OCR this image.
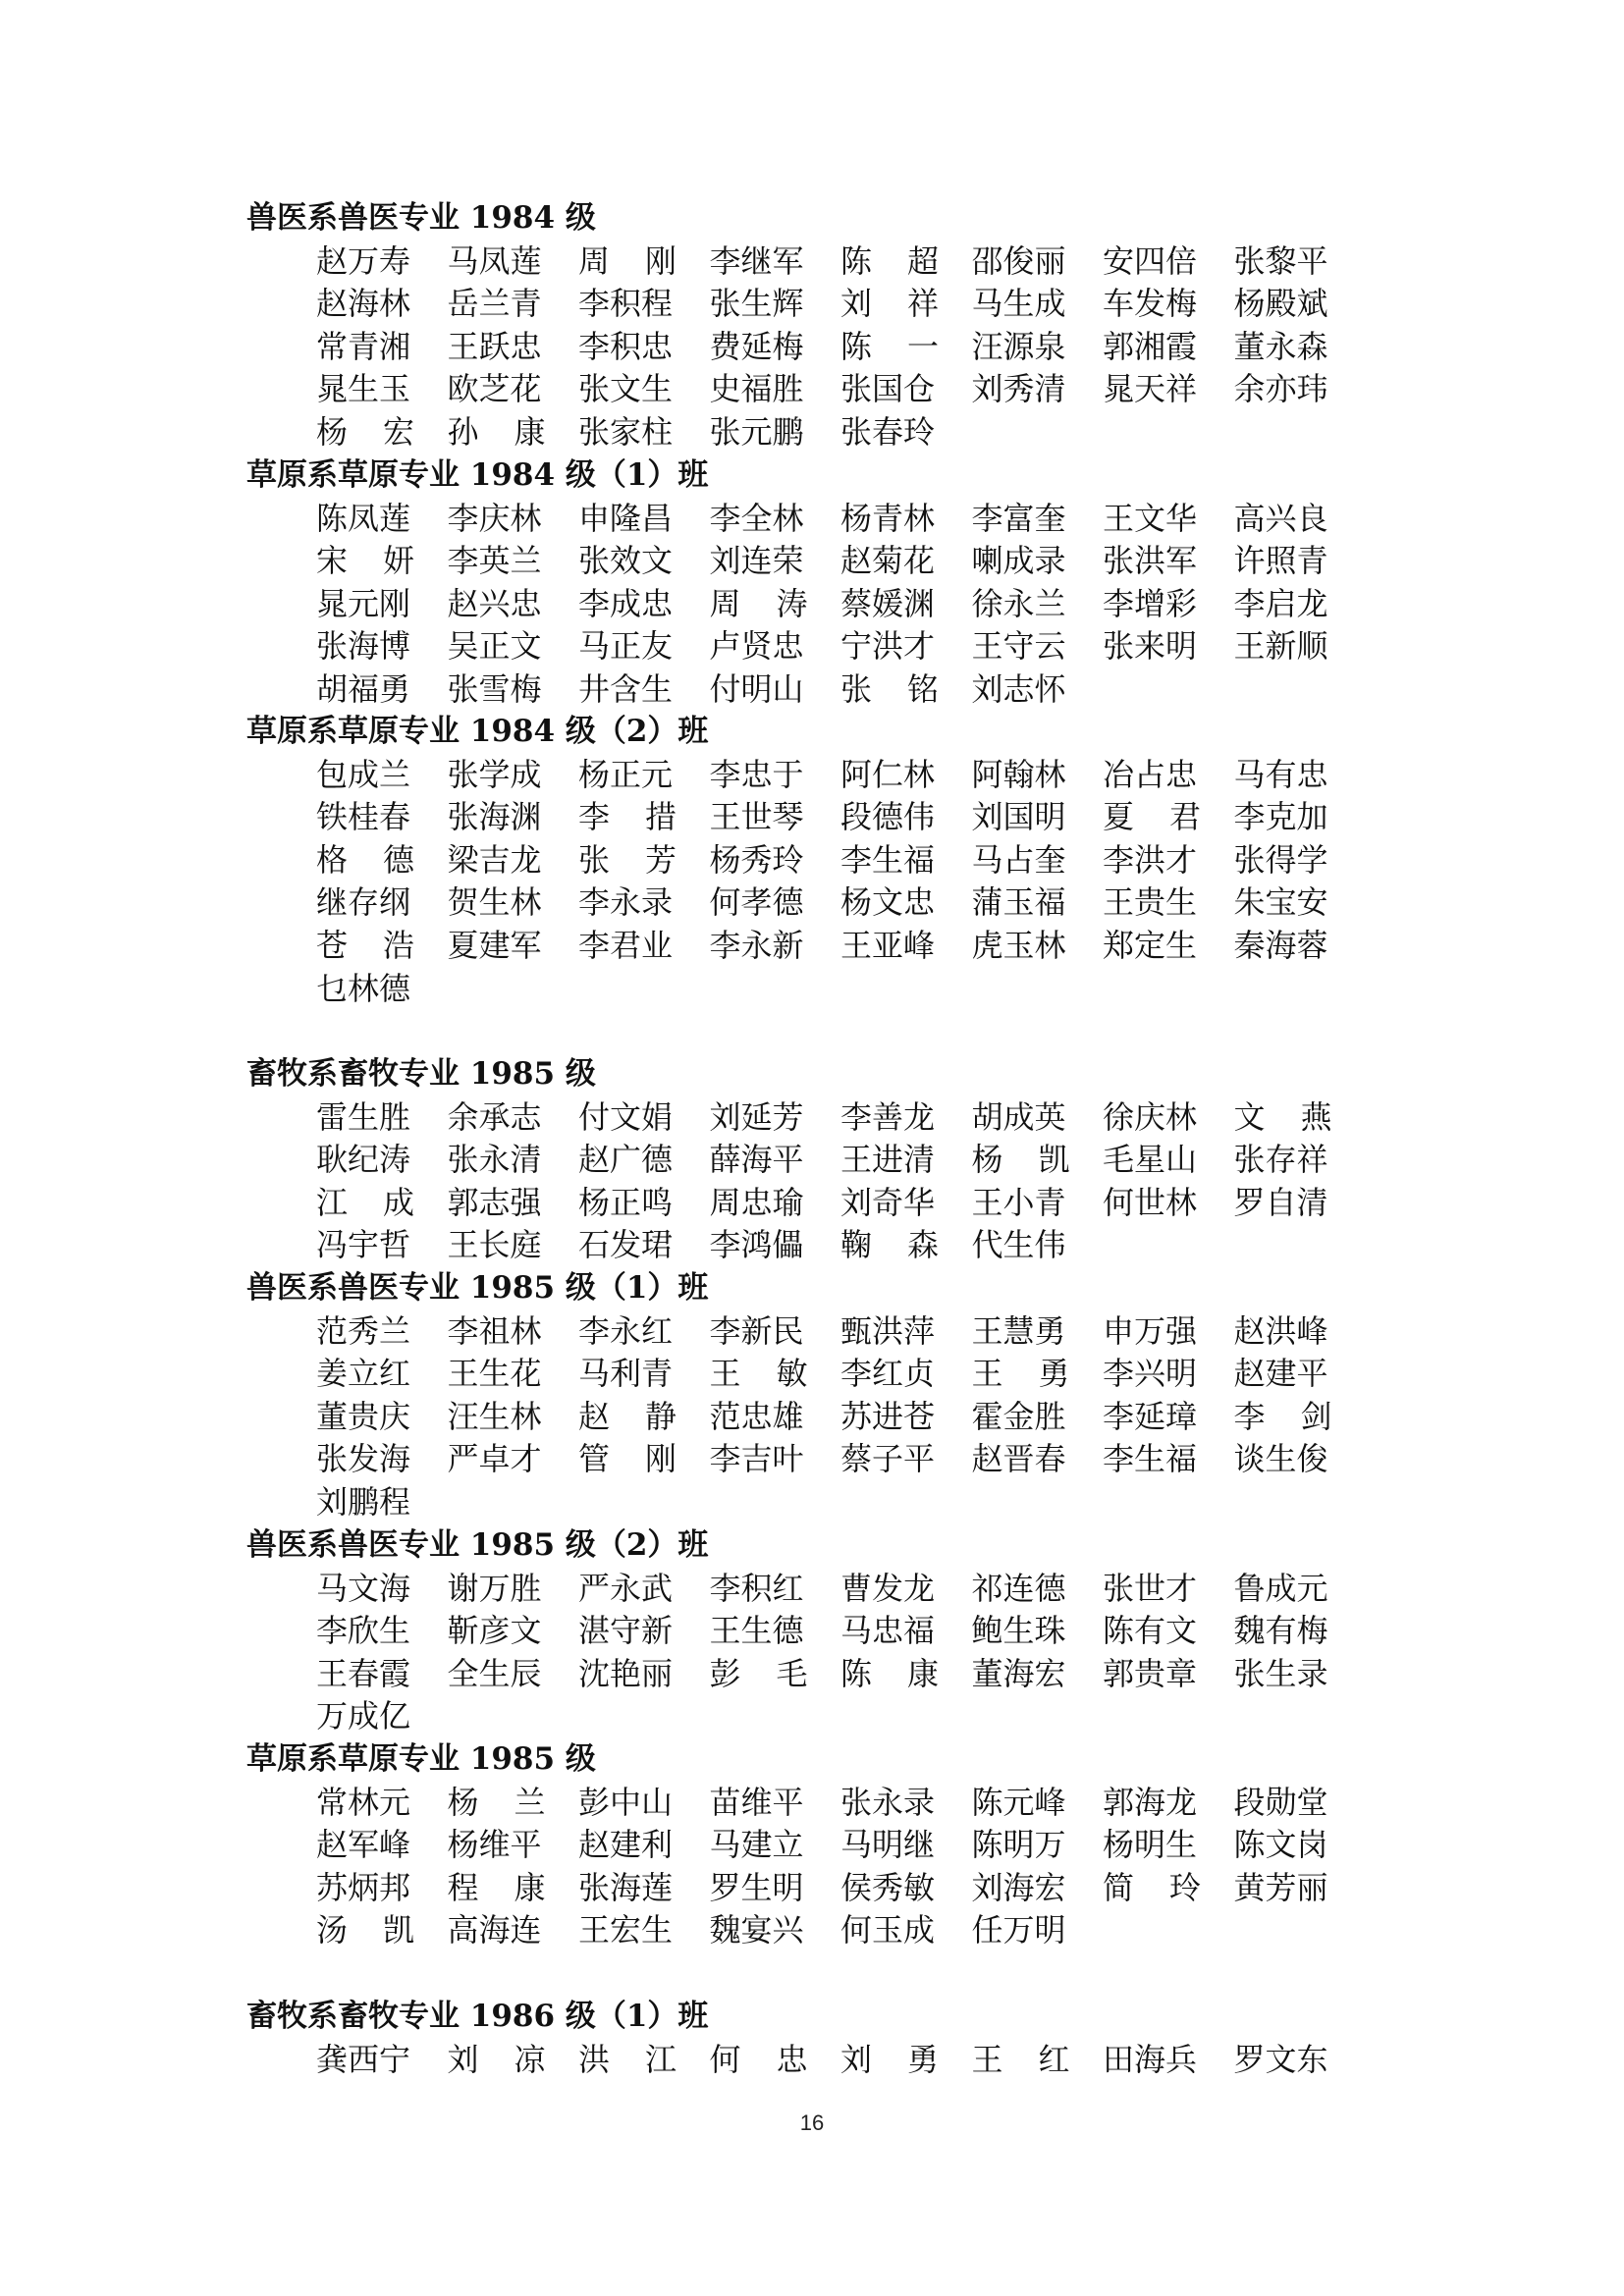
兽医系兽医专业 1984 级
赵万寿 马凤莲 周 刚 李继军 陈 超 邵俊丽 安四倍 张黎平
赵海林 岳兰青 李积程 张生辉 刘 祥 马生成 车发梅 杨殿斌
常青湘 王跃忠 李积忠 费延梅 陈 一 汪源泉 郭湘霞 董永森
晁生玉 欧芝花 张文生 史福胜 张国仓 刘秀清 晁天祥 余亦玮
杨 宏 孙 康 张家柱 张元鹏 张春玲
草原系草原专业 1984 级（1）班
陈凤莲 李庆林 申隆昌 李全林 杨青林 李富奎 王文华 高兴良
宋 妍 李英兰 张效文 刘连荣 赵菊花 喇成录 张洪军 许照青
晁元刚 赵兴忠 李成忠 周 涛 蔡媛渊 徐永兰 李增彩 李启龙
张海博 吴正文 马正友 卢贤忠 宁洪才 王守云 张来明 王新顺
胡福勇 张雪梅 井含生 付明山 张 铭 刘志怀
草原系草原专业 1984 级（2）班
包成兰 张学成 杨正元 李忠于 阿仁林 阿翰林 冶占忠 马有忠
铁桂春 张海渊 李 措 王世琴 段德伟 刘国明 夏 君 李克加
格 德 梁吉龙 张 芳 杨秀玲 李生福 马占奎 李洪才 张得学
继存纲 贺生林 李永录 何孝德 杨文忠 蒲玉福 王贵生 朱宝安
苍 浩 夏建军 李君业 李永新 王亚峰 虎玉林 郑定生 秦海蓉
乜林德
畜牧系畜牧专业 1985 级
雷生胜 余承志 付文娟 刘延芳 李善龙 胡成英 徐庆林 文 燕
耿纪涛 张永清 赵广德 薛海平 王进清 杨 凯 毛星山 张存祥
江 成 郭志强 杨正鸣 周忠瑜 刘奇华 王小青 何世林 罗自清
冯宇哲 王长庭 石发珺 李鸿儡 鞠 森 代生伟
兽医系兽医专业 1985 级（1）班
范秀兰 李祖林 李永红 李新民 甄洪萍 王慧勇 申万强 赵洪峰
姜立红 王生花 马利青 王 敏 李红贞 王 勇 李兴明 赵建平
董贵庆 汪生林 赵 静 范忠雄 苏进苍 霍金胜 李延璋 李 剑
张发海 严卓才 管 刚 李吉叶 蔡子平 赵晋春 李生福 谈生俊
刘鹏程
兽医系兽医专业 1985 级（2）班
马文海 谢万胜 严永武 李积红 曹发龙 祁连德 张世才 鲁成元
李欣生 靳彦文 湛守新 王生德 马忠福 鲍生珠 陈有文 魏有梅
王春霞 全生辰 沈艳丽 彭 毛 陈 康 董海宏 郭贵章 张生录
万成亿
草原系草原专业 1985 级
常林元 杨 兰 彭中山 苗维平 张永录 陈元峰 郭海龙 段勋堂
赵军峰 杨维平 赵建利 马建立 马明继 陈明万 杨明生 陈文岗
苏炳邦 程 康 张海莲 罗生明 侯秀敏 刘海宏 简 玲 黄芳丽
汤 凯 高海连 王宏生 魏宴兴 何玉成 任万明
畜牧系畜牧专业 1986 级（1）班
龚西宁 刘 凉 洪 江 何 忠 刘 勇 王 红 田海兵 罗文东
16
